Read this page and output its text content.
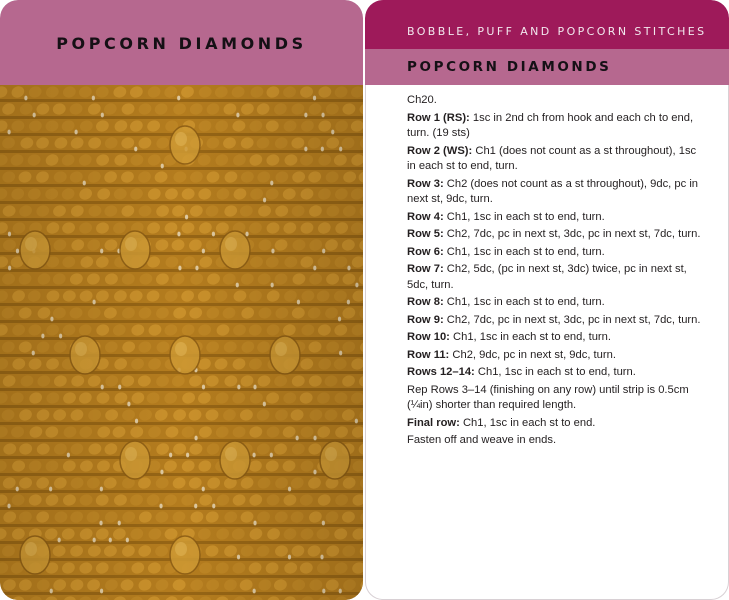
POPCORN DIAMONDS
BOBBLE, PUFF AND POPCORN STITCHES
POPCORN DIAMONDS
Ch20.
Row 1 (RS): 1sc in 2nd ch from hook and each ch to end, turn. (19 sts)
Row 2 (WS): Ch1 (does not count as a st throughout), 1sc in each st to end, turn.
Row 3: Ch2 (does not count as a st throughout), 9dc, pc in next st, 9dc, turn.
Row 4: Ch1, 1sc in each st to end, turn.
Row 5: Ch2, 7dc, pc in next st, 3dc, pc in next st, 7dc, turn.
Row 6: Ch1, 1sc in each st to end, turn.
Row 7: Ch2, 5dc, (pc in next st, 3dc) twice, pc in next st, 5dc, turn.
Row 8: Ch1, 1sc in each st to end, turn.
Row 9: Ch2, 7dc, pc in next st, 3dc, pc in next st, 7dc, turn.
Row 10: Ch1, 1sc in each st to end, turn.
Row 11: Ch2, 9dc, pc in next st, 9dc, turn.
Rows 12–14: Ch1, 1sc in each st to end, turn.
Rep Rows 3–14 (finishing on any row) until strip is 0.5cm (¼in) shorter than required length.
Final row: Ch1, 1sc in each st to end.
Fasten off and weave in ends.
